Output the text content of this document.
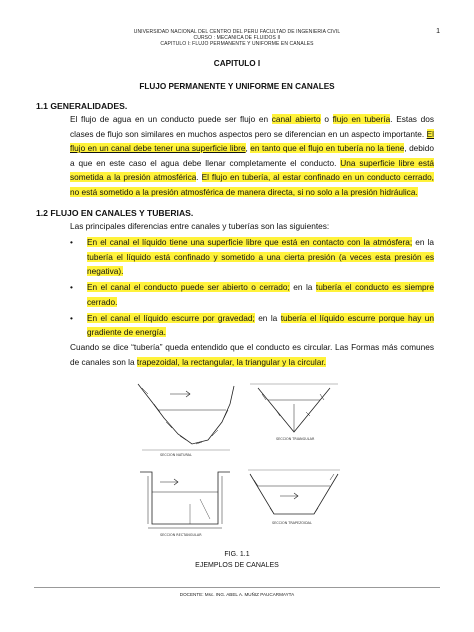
UNIVERSIDAD NACIONAL DEL CENTRO DEL PERU FACULTAD DE INGENIERIA CIVIL
CURSO : MECANICA DE FLUIDOS II
CAPITULO I: FLUJO PERMANENTE Y UNIFORME EN CANALES
1
CAPITULO I
FLUJO PERMANENTE Y UNIFORME EN CANALES
1.1 GENERALIDADES.
El flujo de agua en un conducto puede ser flujo en canal abierto o flujo en tubería. Estas dos clases de flujo son similares en muchos aspectos pero se diferencian en un aspecto importante. El flujo en un canal debe tener una superficie libre, en tanto que el flujo en tubería no la tiene, debido a que en este caso el agua debe llenar completamente el conducto. Una superficie libre está sometida a la presión atmosférica. El flujo en tubería, al estar confinado en un conducto cerrado, no está sometido a la presión atmosférica de manera directa, si no solo a la presión hidráulica.
1.2 FLUJO EN CANALES Y TUBERIAS.
Las principales diferencias entre canales y tuberías son las siguientes:
• En el canal el líquido tiene una superficie libre que está en contacto con la atmósfera; en la tubería el líquido está confinado y sometido a una cierta presión (a veces esta presión es negativa).
• En el canal el conducto puede ser abierto o cerrado; en la tubería el conducto es siempre cerrado.
• En el canal el líquido escurre por gravedad; en la tubería el líquido escurre porque hay un gradiente de energía.
Cuando se dice “tubería” queda entendido que el conducto es circular. Las Formas más comunes de canales son la trapezoidal, la rectangular, la triangular y la circular.
SECCION NATURAL
SECCION TRIANGULAR
SECCION RECTANGULAR
SECCION TRAPEZOIDAL
FIG. 1.1
EJEMPLOS DE CANALES
DOCENTE: Msc. ING. ABEL A. MUÑIZ PAUCARMAYTA
